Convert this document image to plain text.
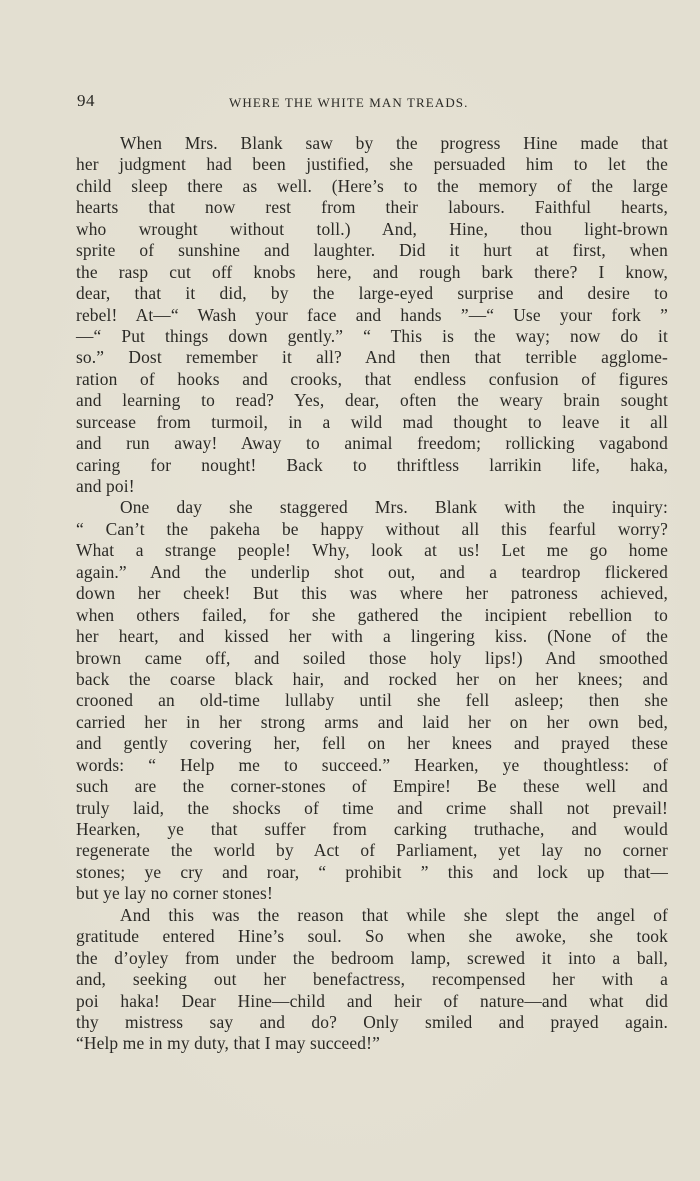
94	WHERE THE WHITE MAN TREADS.
When Mrs. Blank saw by the progress Hine made that
her judgment had been justified, she persuaded him to let the
child sleep there as well. (Here’s to the memory of the large
hearts that now rest from their labours. Faithful hearts,
who wrought without toll.) And, Hine, thou light-brown
sprite of sunshine and laughter. Did it hurt at first, when
the rasp cut off knobs here, and rough bark there? I know,
dear, that it did, by the large-eyed surprise and desire to
rebel! At—“ Wash your face and hands ”—“ Use your fork ”
—“ Put things down gently.” “ This is the way; now do it
so.” Dost remember it all? And then that terrible agglome-
ration of hooks and crooks, that endless confusion of figures
and learning to read? Yes, dear, often the weary brain sought
surcease from turmoil, in a wild mad thought to leave it all
and run away! Away to animal freedom; rollicking vagabond
caring for nought! Back to thriftless larrikin life, haka,
and poi!
One day she staggered Mrs. Blank with the inquiry:
“ Can’t the pakeha be happy without all this fearful worry?
What a strange people! Why, look at us! Let me go home
again.” And the underlip shot out, and a teardrop flickered
down her cheek! But this was where her patroness achieved,
when others failed, for she gathered the incipient rebellion to
her heart, and kissed her with a lingering kiss. (None of the
brown came off, and soiled those holy lips!) And smoothed
back the coarse black hair, and rocked her on her knees; and
crooned an old-time lullaby until she fell asleep; then she
carried her in her strong arms and laid her on her own bed,
and gently covering her, fell on her knees and prayed these
words: “ Help me to succeed.” Hearken, ye thoughtless: of
such are the corner-stones of Empire! Be these well and
truly laid, the shocks of time and crime shall not prevail!
Hearken, ye that suffer from carking truthache, and would
regenerate the world by Act of Parliament, yet lay no corner
stones; ye cry and roar, “ prohibit ” this and lock up that—
but ye lay no corner stones!
And this was the reason that while she slept the angel of
gratitude entered Hine’s soul. So when she awoke, she took
the d’oyley from under the bedroom lamp, screwed it into a ball,
and, seeking out her benefactress, recompensed her with a
poi haka! Dear Hine—child and heir of nature—and what did
thy mistress say and do? Only smiled and prayed again.
“Help me in my duty, that I may succeed!”
